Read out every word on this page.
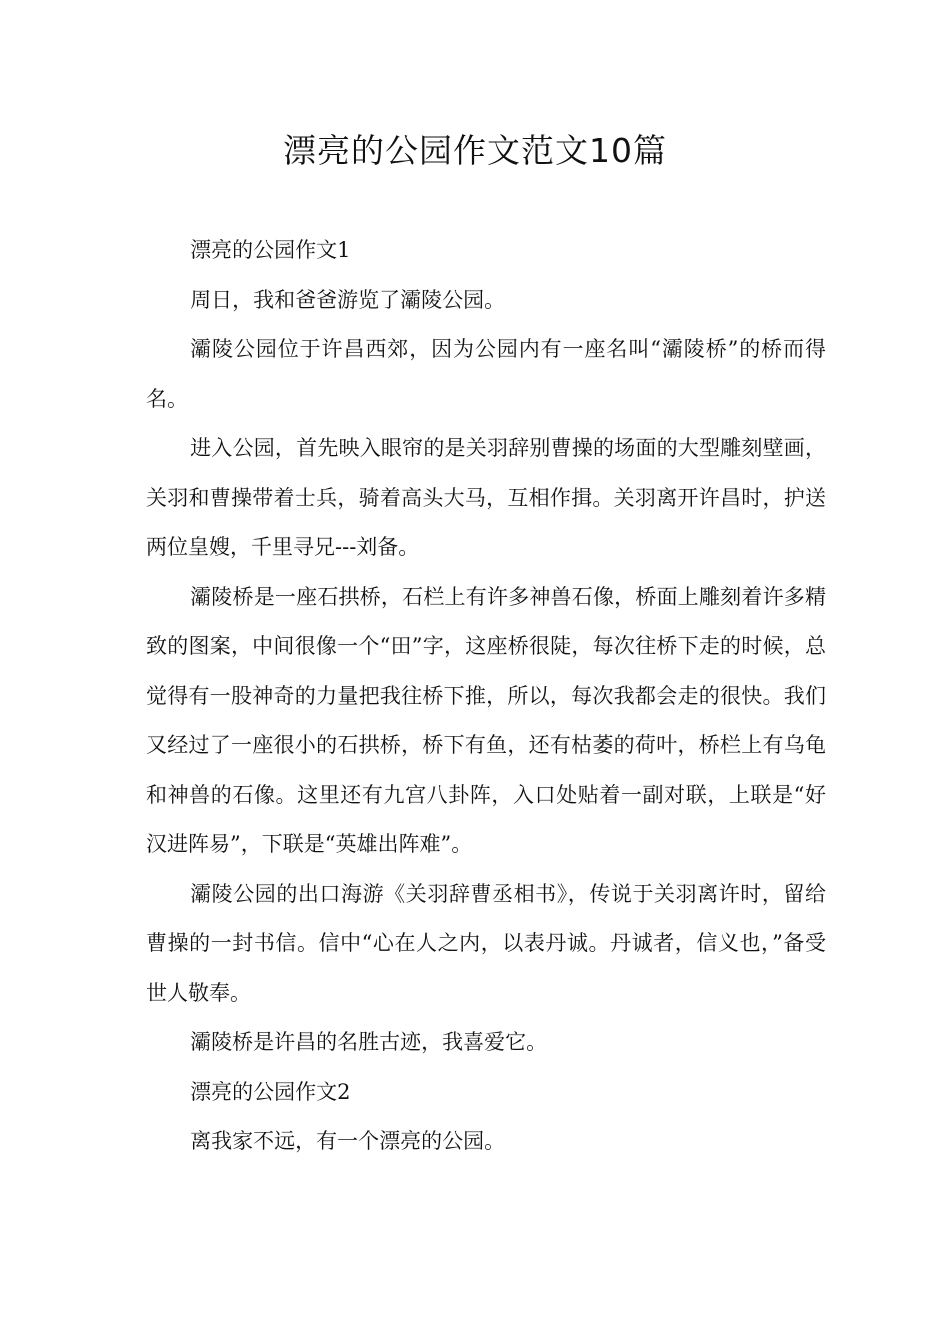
漂亮的公园作文范文10篇

漂亮的公园作文1

周日，我和爸爸游览了灞陵公园。

灞陵公园位于许昌西郊，因为公园内有一座名叫“灞陵桥”的桥而得名。

进入公园，首先映入眼帘的是关羽辞别曹操的场面的大型雕刻壁画，关羽和曹操带着士兵，骑着高头大马，互相作揖。关羽离开许昌时，护送两位皇嫂，千里寻兄---刘备。

灞陵桥是一座石拱桥，石栏上有许多神兽石像，桥面上雕刻着许多精致的图案，中间很像一个“田”字，这座桥很陡，每次往桥下走的时候，总觉得有一股神奇的力量把我往桥下推，所以，每次我都会走的很快。我们又经过了一座很小的石拱桥，桥下有鱼，还有枯萎的荷叶，桥栏上有乌龟和神兽的石像。这里还有九宫八卦阵，入口处贴着一副对联，上联是“好汉进阵易”，下联是“英雄出阵难”。

灞陵公园的出口海游《关羽辞曹丞相书》，传说于关羽离许时，留给曹操的一封书信。信中“心在人之内，以表丹诚。丹诚者，信义也，”备受世人敬奉。

灞陵桥是许昌的名胜古迹，我喜爱它。

漂亮的公园作文2

离我家不远，有一个漂亮的公园。
